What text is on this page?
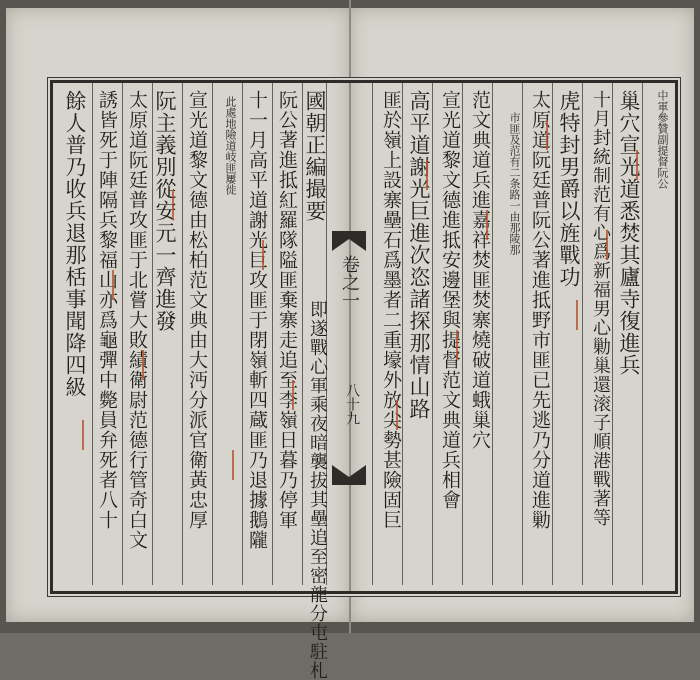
中軍參贊副提督阮公
巢穴宣光道悉焚其廬寺復進兵
十月封統制范有心爲新福男心勦巢還滚子順港戰著等
虎特封男爵以旌戰功
太原道阮廷普阮公著進抵野市匪已先逃乃分道進勦
市匪及范有二条路一由那陵那
范文典道兵進嘉祥焚匪焚寨燒破道蛾巢穴
宣光道黎文德進抵安邊堡與提督范文典道兵相會
高平道謝光巨進次恣諸探那情山路
匪於嶺上設寨壘石爲墨者二重壕外放尖勢甚險固巨
卷之一
八十九
國朝正編撮要
即遂戰心軍乘夜暗襲拔其壘追至密龍分屯駐札
阮公著進抵紅羅隊隘匪棄寨走追至李嶺日暮乃停軍
十一月高平道謝光巨攻匪于閉嶺斬四蔵匪乃退據鵝隴
此處地險道岐匪屢徙
宣光道黎文德由松柏范文典由大沔分派官衛黃忠厚
阮主義別從安元一齊進發
太原道阮廷普攻匪于北嘗大敗績衛尉范德行管奇白文
誘皆死于陣隔兵黎福山亦爲龜彈中斃員弁死者八十
餘人普乃收兵退那栝事聞降四級
